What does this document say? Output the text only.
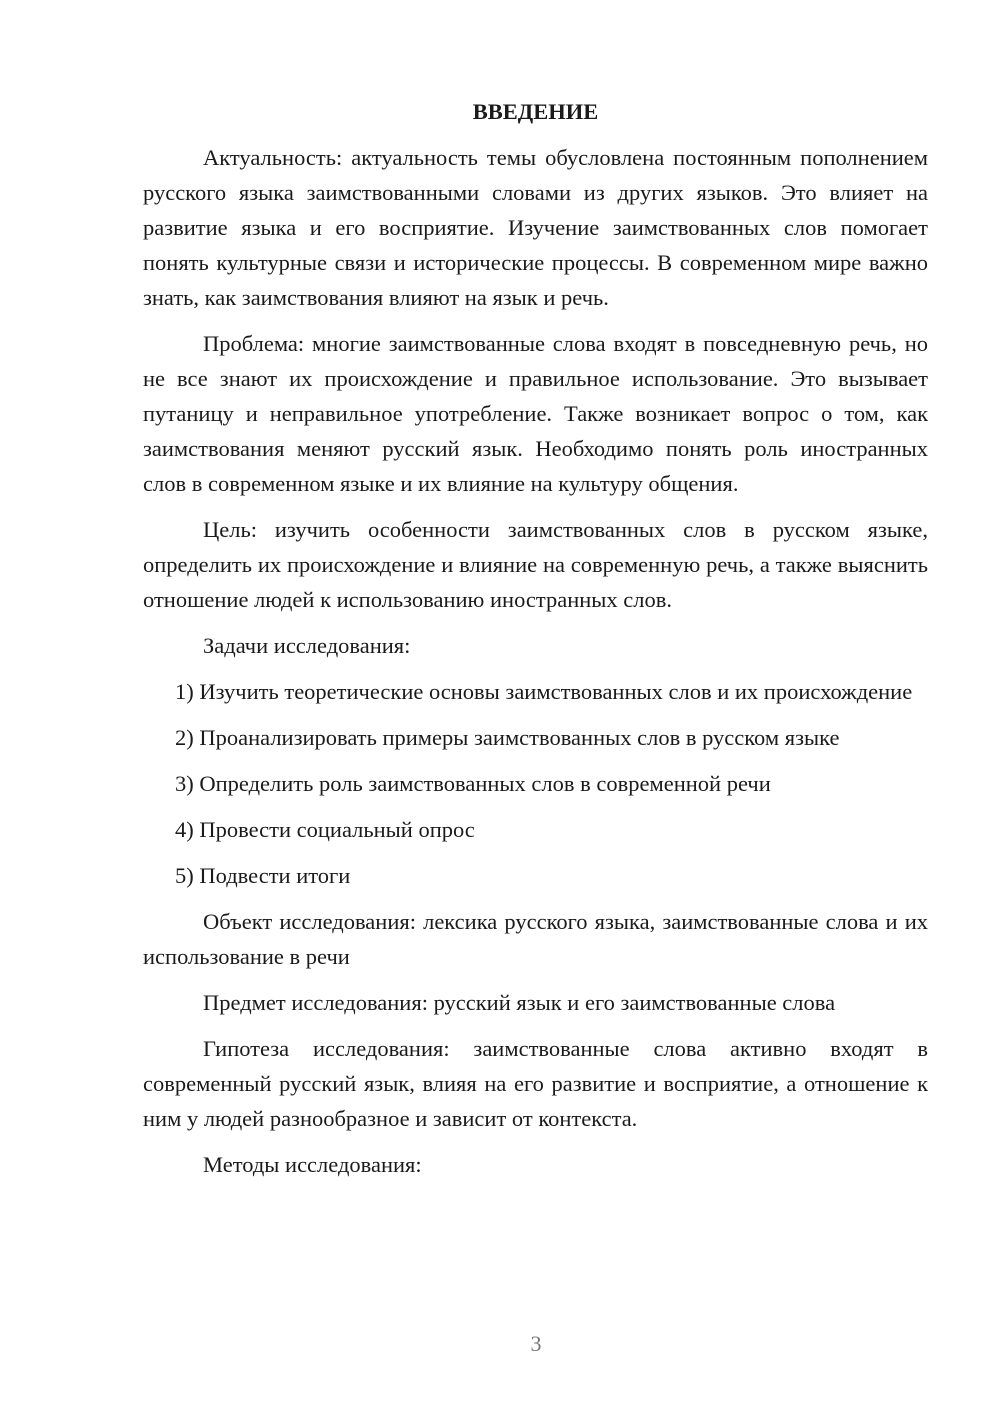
ВВЕДЕНИЕ

Актуальность: актуальность темы обусловлена постоянным пополнением русского языка заимствованными словами из других языков. Это влияет на развитие языка и его восприятие. Изучение заимствованных слов помогает понять культурные связи и исторические процессы. В современном мире важно знать, как заимствования влияют на язык и речь.

Проблема: многие заимствованные слова входят в повседневную речь, но не все знают их происхождение и правильное использование. Это вызывает путаницу и неправильное употребление. Также возникает вопрос о том, как заимствования меняют русский язык. Необходимо понять роль иностранных слов в современном языке и их влияние на культуру общения.

Цель: изучить особенности заимствованных слов в русском языке, определить их происхождение и влияние на современную речь, а также выяснить отношение людей к использованию иностранных слов.

Задачи исследования:

1) Изучить теоретические основы заимствованных слов и их происхождение

2) Проанализировать примеры заимствованных слов в русском языке

3) Определить роль заимствованных слов в современной речи

4) Провести социальный опрос

5) Подвести итоги

Объект исследования: лексика русского языка, заимствованные слова и их использование в речи

Предмет исследования: русский язык и его заимствованные слова

Гипотеза исследования: заимствованные слова активно входят в современный русский язык, влияя на его развитие и восприятие, а отношение к ним у людей разнообразное и зависит от контекста.

Методы исследования:

3
